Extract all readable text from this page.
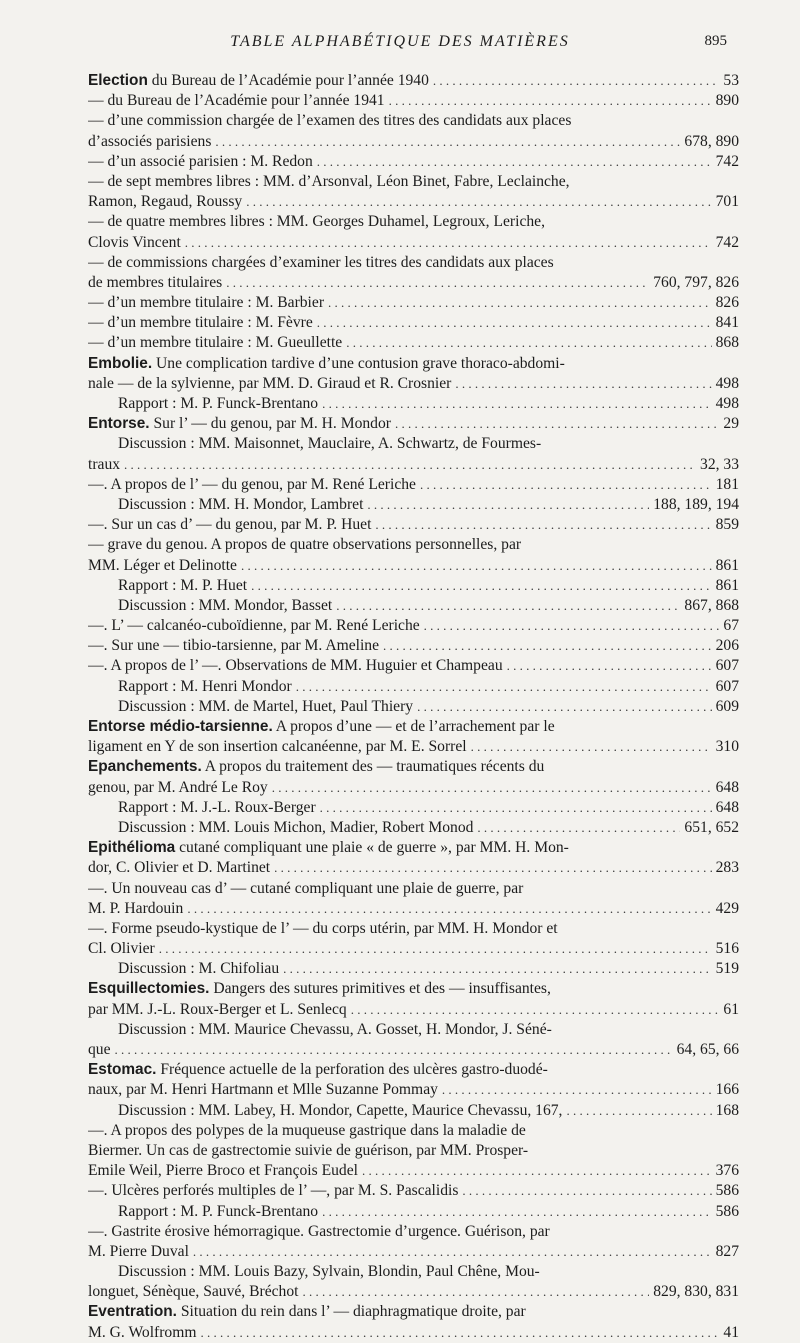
TABLE ALPHABÉTIQUE DES MATIÈRES	895
Election du Bureau de l’Académie pour l’année 1940 . . .	53
— du Bureau de l’Académie pour l’année 1941 . . .	890
— d’une commission chargée de l’examen des titres des candidats aux places
d’associés parisiens . . .	678, 890
— d’un associé parisien : M. Redon . . .	742
— de sept membres libres : MM. d’Arsonval, Léon Binet, Fabre, Leclainche,
Ramon, Regaud, Roussy . . .	701
— de quatre membres libres : MM. Georges Duhamel, Legroux, Leriche,
Clovis Vincent . . .	742
— de commissions chargées d’examiner les titres des candidats aux places
de membres titulaires . . .	760, 797, 826
— d’un membre titulaire : M. Barbier . . .	826
— d’un membre titulaire : M. Fèvre . . .	841
— d’un membre titulaire : M. Gueullette . . .	868
Embolie. Une complication tardive d’une contusion grave thoraco-abdomi-
nale — de la sylvienne, par MM. D. Giraud et R. Crosnier . . .	498
Rapport : M. P. Funck-Brentano . . .	498
Entorse. Sur l’ — du genou, par M. H. Mondor . . .	29
Discussion : MM. Maisonnet, Mauclaire, A. Schwartz, de Fourmes-
traux . . .	32, 33
—. A propos de l’ — du genou, par M. René Leriche . . .	181
Discussion : MM. H. Mondor, Lambret . . .	188, 189, 194
—. Sur un cas d’ — du genou, par M. P. Huet . . .	859
— grave du genou. A propos de quatre observations personnelles, par
MM. Léger et Delinotte . . .	861
Rapport : M. P. Huet . . .	861
Discussion : MM. Mondor, Basset . . .	867, 868
—. L’ — calcanéo-cuboïdienne, par M. René Leriche . . .	67
—. Sur une — tibio-tarsienne, par M. Ameline . . .	206
—. A propos de l’ —. Observations de MM. Huguier et Champeau . . .	607
Rapport : M. Henri Mondor . . .	607
Discussion : MM. de Martel, Huet, Paul Thiery . . .	609
Entorse médio-tarsienne. A propos d’une — et de l’arrachement par le
ligament en Y de son insertion calcanéenne, par M. E. Sorrel . . .	310
Epanchements. A propos du traitement des — traumatiques récents du
genou, par M. André Le Roy . . .	648
Rapport : M. J.-L. Roux-Berger . . .	648
Discussion : MM. Louis Michon, Madier, Robert Monod . . .	651, 652
Epithélioma cutané compliquant une plaie « de guerre », par MM. H. Mon-
dor, C. Olivier et D. Martinet . . .	283
—. Un nouveau cas d’ — cutané compliquant une plaie de guerre, par
M. P. Hardouin . . .	429
—. Forme pseudo-kystique de l’ — du corps utérin, par MM. H. Mondor et
Cl. Olivier . . .	516
Discussion : M. Chifoliau . . .	519
Esquillectomies. Dangers des sutures primitives et des — insuffisantes,
par MM. J.-L. Roux-Berger et L. Senlecq . . .	61
Discussion : MM. Maurice Chevassu, A. Gosset, H. Mondor, J. Séné-
que . . .	64, 65, 66
Estomac. Fréquence actuelle de la perforation des ulcères gastro-duodé-
naux, par M. Henri Hartmann et Mlle Suzanne Pommay . . .	166
Discussion : MM. Labey, H. Mondor, Capette, Maurice Chevassu, 167, . . .	168
—. A propos des polypes de la muqueuse gastrique dans la maladie de
Biermer. Un cas de gastrectomie suivie de guérison, par MM. Prosper-
Emile Weil, Pierre Broco et François Eudel . . .	376
—. Ulcères perforés multiples de l’ —, par M. S. Pascalidis . . .	586
Rapport : M. P. Funck-Brentano . . .	586
—. Gastrite érosive hémorragique. Gastrectomie d’urgence. Guérison, par
M. Pierre Duval . . .	827
Discussion : MM. Louis Bazy, Sylvain, Blondin, Paul Chêne, Mou-
longuet, Sénèque, Sauvé, Bréchot . . .	829, 830, 831
Eventration. Situation du rein dans l’ — diaphragmatique droite, par
M. G. Wolfromm . . .	41
